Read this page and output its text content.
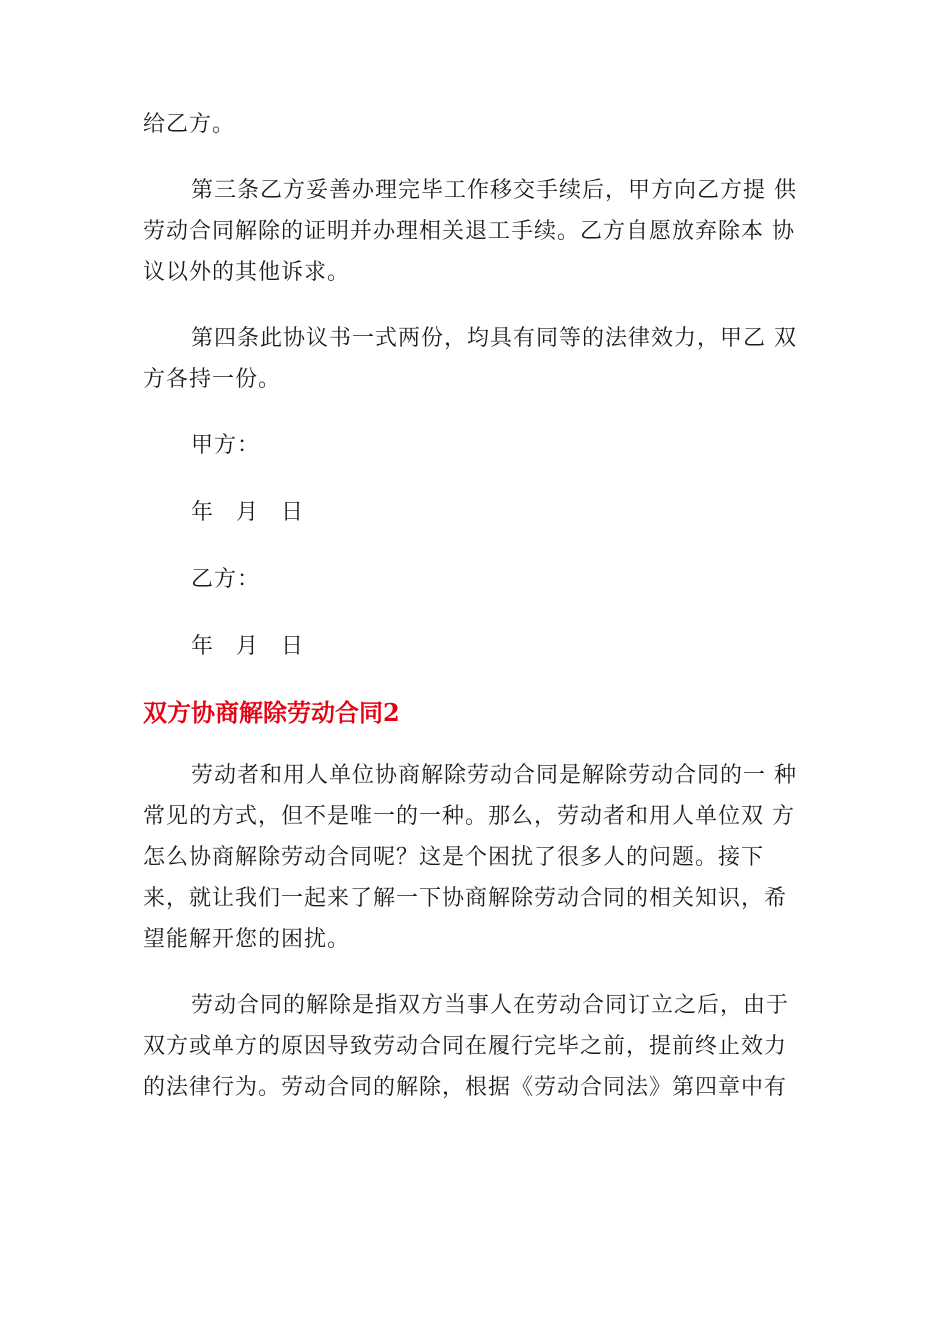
给乙方。

第三条乙方妥善办理完毕工作移交手续后，甲方向乙方提 供
劳动合同解除的证明并办理相关退工手续。乙方自愿放弃除本 协
议以外的其他诉求。

第四条此协议书一式两份，均具有同等的法律效力，甲乙 双
方各持一份。

甲方：
年 月 日
乙方：
年 月 日
双方协商解除劳动合同2

劳动者和用人单位协商解除劳动合同是解除劳动合同的一 种
常见的方式，但不是唯一的一种。那么，劳动者和用人单位双 方
怎么协商解除劳动合同呢？这是个困扰了很多人的问题。接下
来，就让我们一起来了解一下协商解除劳动合同的相关知识，希
望能解开您的困扰。

劳动合同的解除是指双方当事人在劳动合同订立之后，由于
双方或单方的原因导致劳动合同在履行完毕之前，提前终止效力
的法律行为。劳动合同的解除，根据《劳动合同法》第四章中有
